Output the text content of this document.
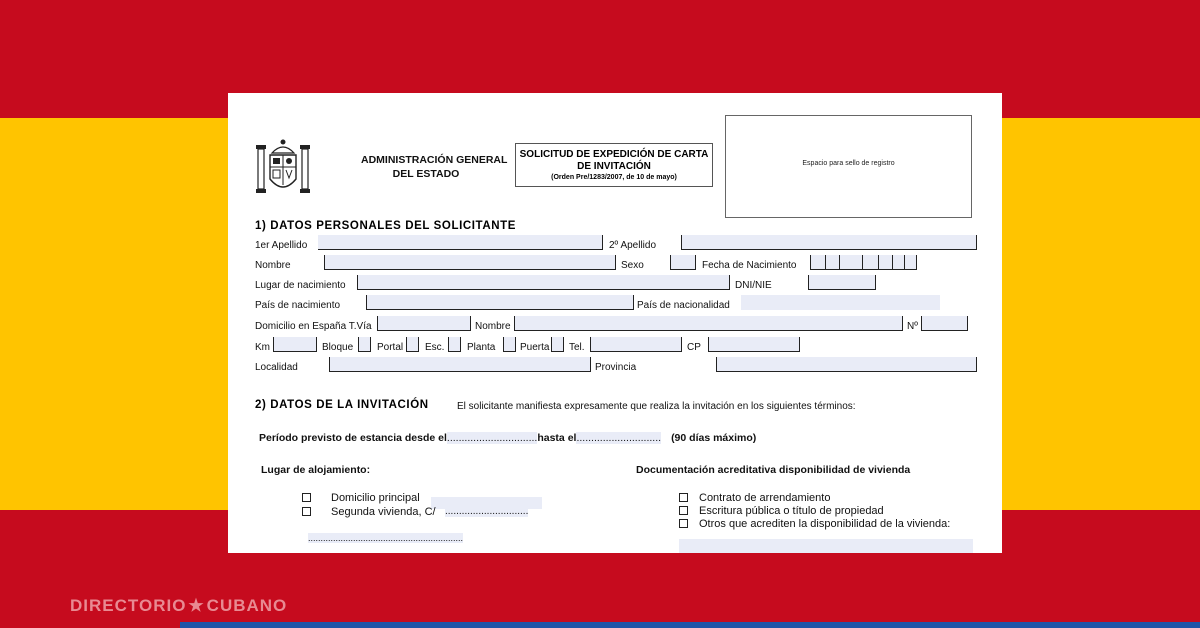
DIRECTORIO ★ CUBANO
ADMINISTRACIÓN GENERAL
DEL ESTADO
SOLICITUD DE EXPEDICIÓN DE CARTA
DE INVITACIÓN
(Orden Pre/1283/2007, de 10 de mayo)
Espacio para sello de registro
1) DATOS PERSONALES DEL SOLICITANTE
1er Apellido	2º Apellido
Nombre	Sexo	Fecha de Nacimiento
Lugar de nacimiento	DNI/NIE
País de nacimiento	País de nacionalidad
Domicilio en España T.Vía	Nombre	Nº
Km	Bloque Portal Esc. Planta Puerta Tel.	CP
Localidad	Provincia
2) DATOS DE LA INVITACIÓN	El solicitante manifiesta expresamente que realiza la invitación en los siguientes términos:
Período previsto de estancia desde el...............................hasta el............................. (90 días máximo)
Lugar de alojamiento:	Documentación acreditativa disponibilidad de vivienda
Domicilio principal
Segunda vivienda, C/ ..............................
..............................................................
Contrato de arrendamiento
Escritura pública o título de propiedad
Otros que acrediten la disponibilidad de la vivienda:
